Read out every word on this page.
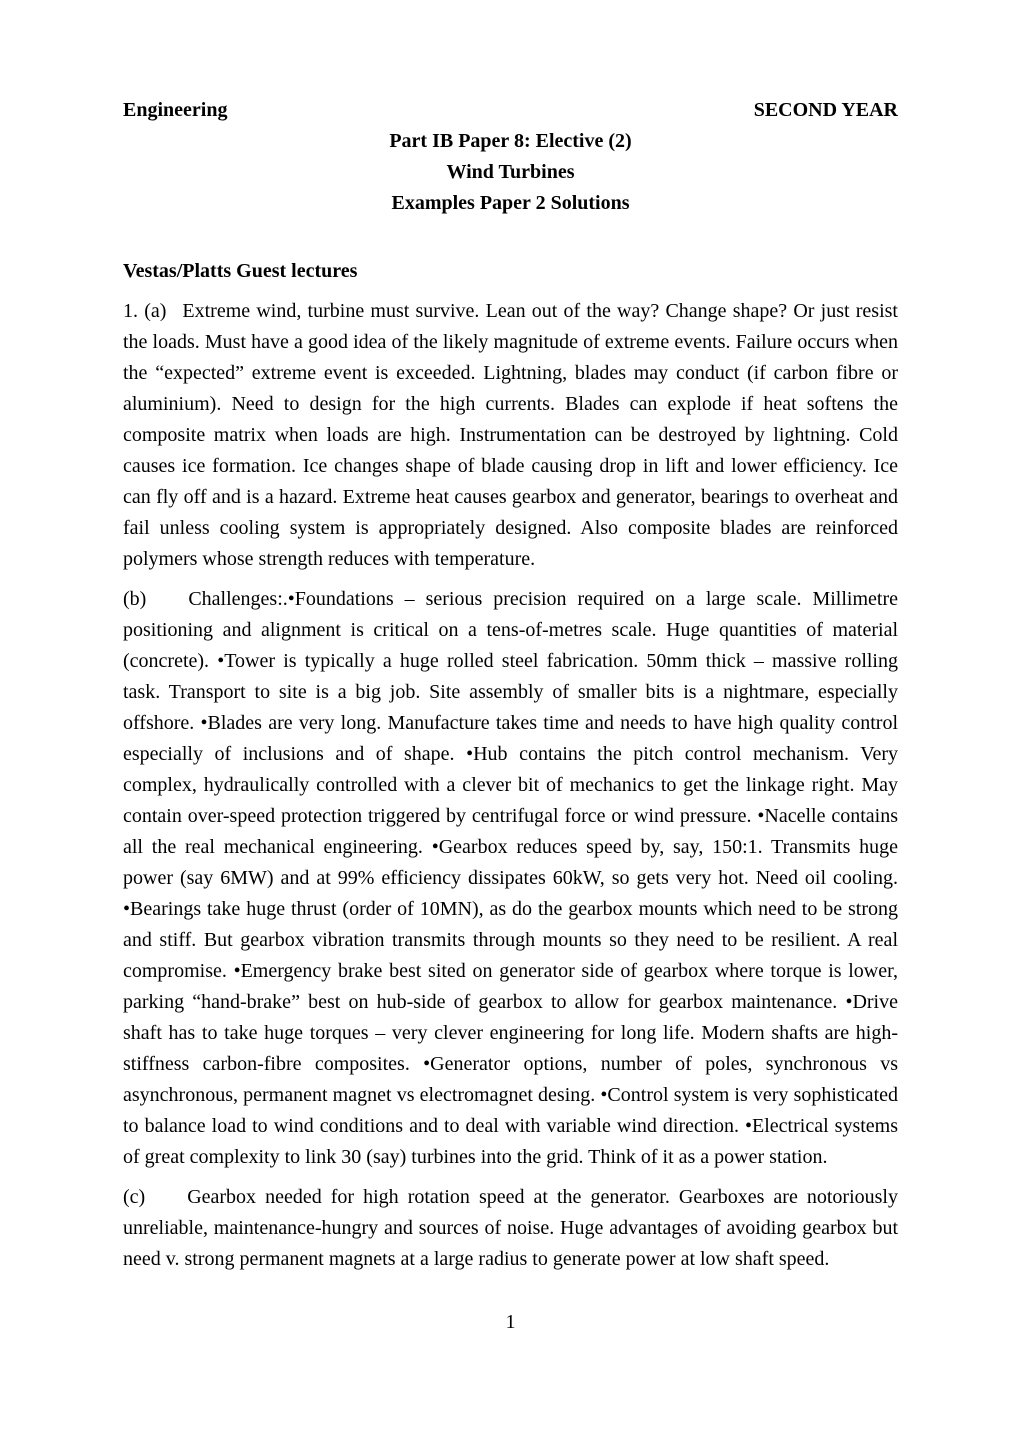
Engineering	SECOND YEAR
Part IB Paper 8: Elective (2)
Wind Turbines
Examples Paper 2 Solutions
Vestas/Platts Guest lectures

1. (a) Extreme wind, turbine must survive. Lean out of the way? Change shape? Or just resist the loads. Must have a good idea of the likely magnitude of extreme events. Failure occurs when the “expected” extreme event is exceeded. Lightning, blades may conduct (if carbon fibre or aluminium). Need to design for the high currents. Blades can explode if heat softens the composite matrix when loads are high. Instrumentation can be destroyed by lightning. Cold causes ice formation. Ice changes shape of blade causing drop in lift and lower efficiency. Ice can fly off and is a hazard. Extreme heat causes gearbox and generator, bearings to overheat and fail unless cooling system is appropriately designed. Also composite blades are reinforced polymers whose strength reduces with temperature.

(b) Challenges:.•Foundations – serious precision required on a large scale. Millimetre positioning and alignment is critical on a tens-of-metres scale. Huge quantities of material (concrete). •Tower is typically a huge rolled steel fabrication. 50mm thick – massive rolling task. Transport to site is a big job. Site assembly of smaller bits is a nightmare, especially offshore. •Blades are very long. Manufacture takes time and needs to have high quality control especially of inclusions and of shape. •Hub contains the pitch control mechanism. Very complex, hydraulically controlled with a clever bit of mechanics to get the linkage right. May contain over-speed protection triggered by centrifugal force or wind pressure. •Nacelle contains all the real mechanical engineering. •Gearbox reduces speed by, say, 150:1. Transmits huge power (say 6MW) and at 99% efficiency dissipates 60kW, so gets very hot. Need oil cooling. •Bearings take huge thrust (order of 10MN), as do the gearbox mounts which need to be strong and stiff. But gearbox vibration transmits through mounts so they need to be resilient. A real compromise. •Emergency brake best sited on generator side of gearbox where torque is lower, parking “hand-brake” best on hub-side of gearbox to allow for gearbox maintenance. •Drive shaft has to take huge torques – very clever engineering for long life. Modern shafts are high-stiffness carbon-fibre composites. •Generator options, number of poles, synchronous vs asynchronous, permanent magnet vs electromagnet desing. •Control system is very sophisticated to balance load to wind conditions and to deal with variable wind direction. •Electrical systems of great complexity to link 30 (say) turbines into the grid. Think of it as a power station.

(c) Gearbox needed for high rotation speed at the generator. Gearboxes are notoriously unreliable, maintenance-hungry and sources of noise. Huge advantages of avoiding gearbox but need v. strong permanent magnets at a large radius to generate power at low shaft speed.

1
